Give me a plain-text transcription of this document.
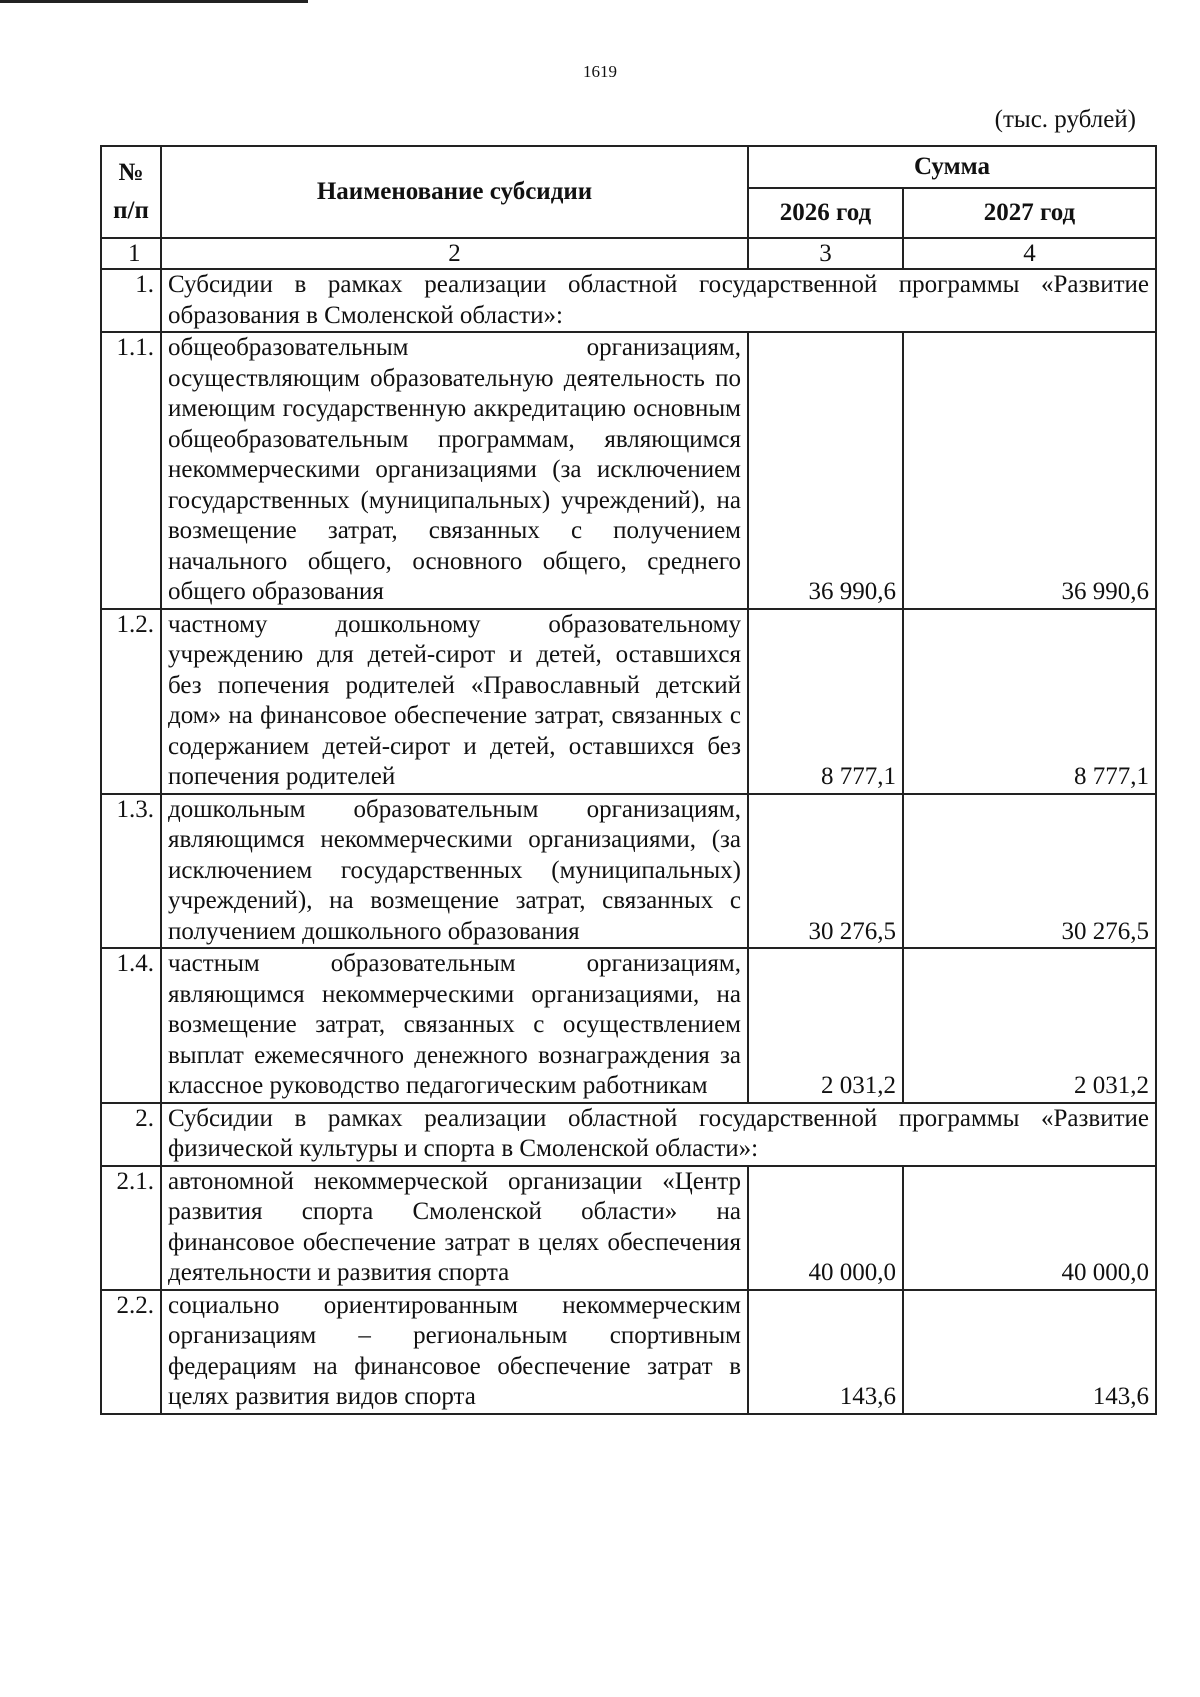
1619
(тыс. рублей)
№ п/п	Наименование субсидии	Сумма	
		2026 год	2027 год
1	2	3	4
1.	Субсидии в рамках реализации областной государственной программы «Развитие образования в Смоленской области»:		
1.1.	общеобразовательным организациям, осуществляющим образовательную деятельность по имеющим государственную аккредитацию основным общеобразовательным программам, являющимся некоммерческими организациями (за исключением государственных (муниципальных) учреждений), на возмещение затрат, связанных с получением начального общего, основного общего, среднего общего образования	36 990,6	36 990,6
1.2.	частному дошкольному образовательному учреждению для детей-сирот и детей, оставшихся без попечения родителей «Православный детский дом» на финансовое обеспечение затрат, связанных с содержанием детей-сирот и детей, оставшихся без попечения родителей	8 777,1	8 777,1
1.3.	дошкольным образовательным организациям, являющимся некоммерческими организациями, (за исключением государственных (муниципальных) учреждений), на возмещение затрат, связанных с получением дошкольного образования	30 276,5	30 276,5
1.4.	частным образовательным организациям, являющимся некоммерческими организациями, на возмещение затрат, связанных с осуществлением выплат ежемесячного денежного вознаграждения за классное руководство педагогическим работникам	2 031,2	2 031,2
2.	Субсидии в рамках реализации областной государственной программы «Развитие физической культуры и спорта в Смоленской области»:		
2.1.	автономной некоммерческой организации «Центр развития спорта Смоленской области» на финансовое обеспечение затрат в целях обеспечения деятельности и развития спорта	40 000,0	40 000,0
2.2.	социально ориентированным некоммерческим организациям – региональным спортивным федерациям на финансовое обеспечение затрат в целях развития видов спорта	143,6	143,6
